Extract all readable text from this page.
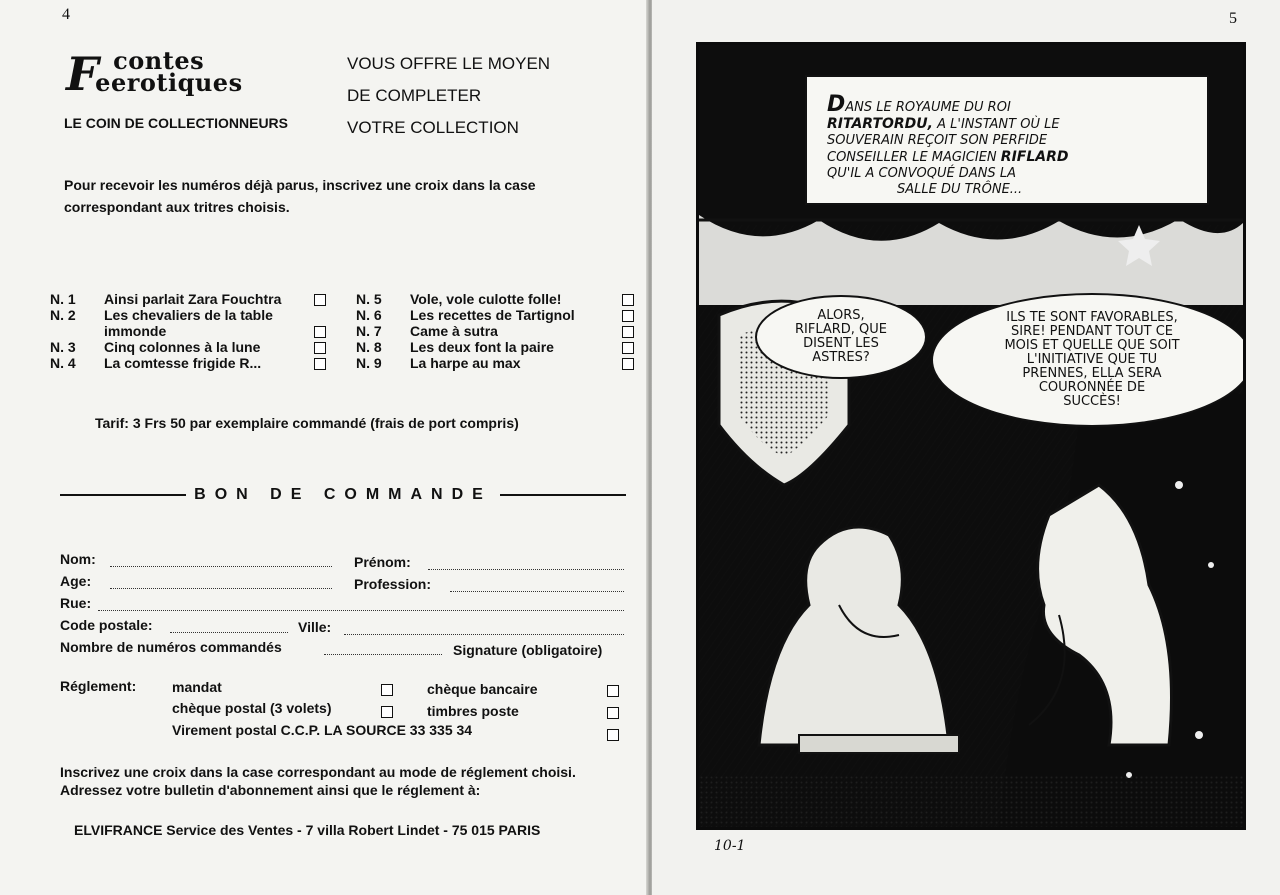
4
F contes
eerotiques
LE COIN DE COLLECTIONNEURS
VOUS OFFRE LE MOYEN
DE COMPLETER
VOTRE COLLECTION
Pour recevoir les numéros déjà parus, inscrivez une croix dans la case correspondant aux tritres choisis.
N. 1	Ainsi parlait Zara Fouchtra
N. 2	Les chevaliers de la table immonde
N. 3	Cinq colonnes à la lune
N. 4	La comtesse frigide R...
N. 5	Vole, vole culotte folle!
N. 6	Les recettes de Tartignol
N. 7	Came à sutra
N. 8	Les deux font la paire
N. 9	La harpe au max
Tarif: 3 Frs 50 par exemplaire commandé (frais de port compris)
BON DE COMMANDE
Nom:	Prénom:
Age:	Profession:
Rue:
Code postale:	Ville:
Nombre de numéros commandés	Signature (obligatoire)
Réglement:	mandat	chèque bancaire
chèque postal (3 volets)	timbres poste
Virement postal C.C.P. LA SOURCE 33 335 34
Inscrivez une croix dans la case correspondant au mode de réglement choisi.
Adressez votre bulletin d'abonnement ainsi que le réglement à:
ELVIFRANCE Service des Ventes - 7 villa Robert Lindet - 75 015 PARIS
5
DANS LE ROYAUME DU ROI
RITARTORDU, A L'INSTANT OÙ LE
SOUVERAIN REÇOIT SON PERFIDE
CONSEILLER LE MAGICIEN RIFLARD
QU'IL A CONVOQUÉ DANS LA
SALLE DU TRÔNE...
ALORS,
RIFLARD, QUE
DISENT LES
ASTRES?
ILS TE SONT FAVORABLES,
SIRE! PENDANT TOUT CE
MOIS ET QUELLE QUE SOIT
L'INITIATIVE QUE TU
PRENNES, ELLA SERA
COURONNÉE DE
SUCCÈS!
10-1
